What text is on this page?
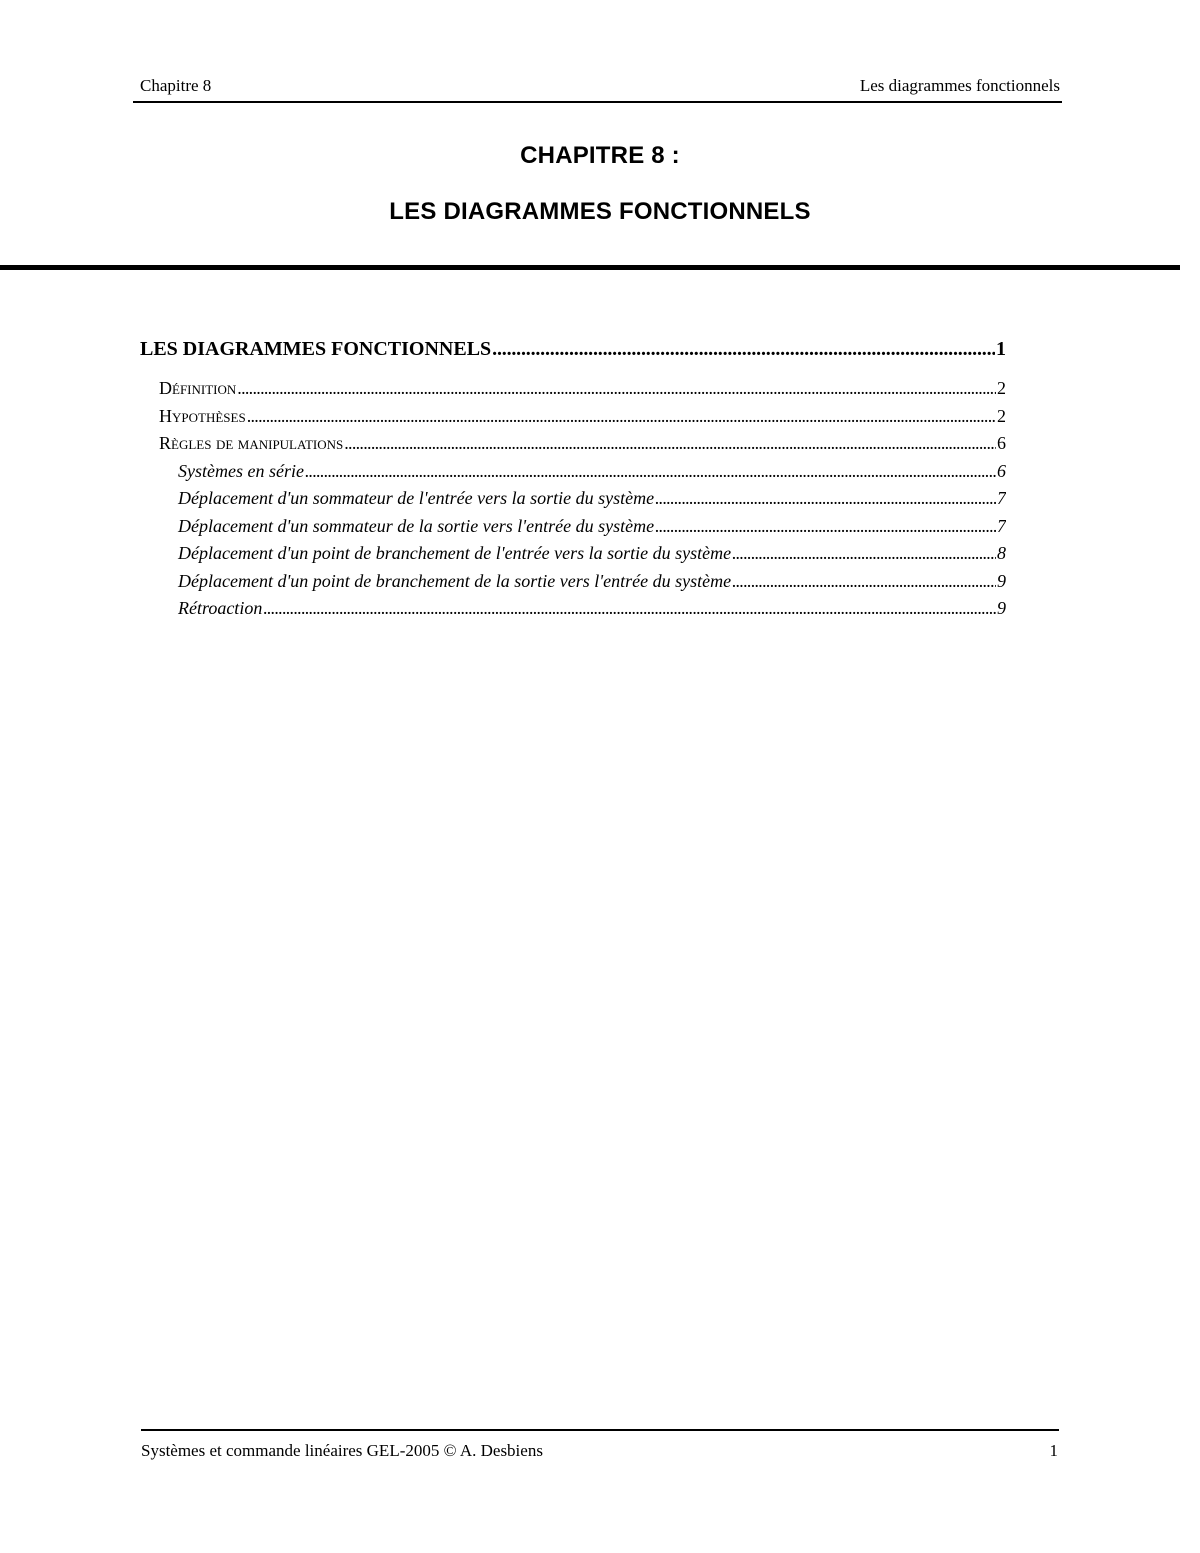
Chapitre 8	Les diagrammes fonctionnels
CHAPITRE 8 :
LES DIAGRAMMES FONCTIONNELS
LES DIAGRAMMES FONCTIONNELS . . .	1
Définition . . .	2
Hypothèses . . .	2
Règles de manipulations . . .	6
Systèmes en série . . .	6
Déplacement d'un sommateur de l'entrée vers la sortie du système . . .	7
Déplacement d'un sommateur de la sortie vers l'entrée du système . . .	7
Déplacement d'un point de branchement de l'entrée vers la sortie du système . . .	8
Déplacement d'un point de branchement de la sortie vers l'entrée du système . . .	9
Rétroaction . . .	9
Systèmes et commande linéaires GEL-2005 © A. Desbiens	1
